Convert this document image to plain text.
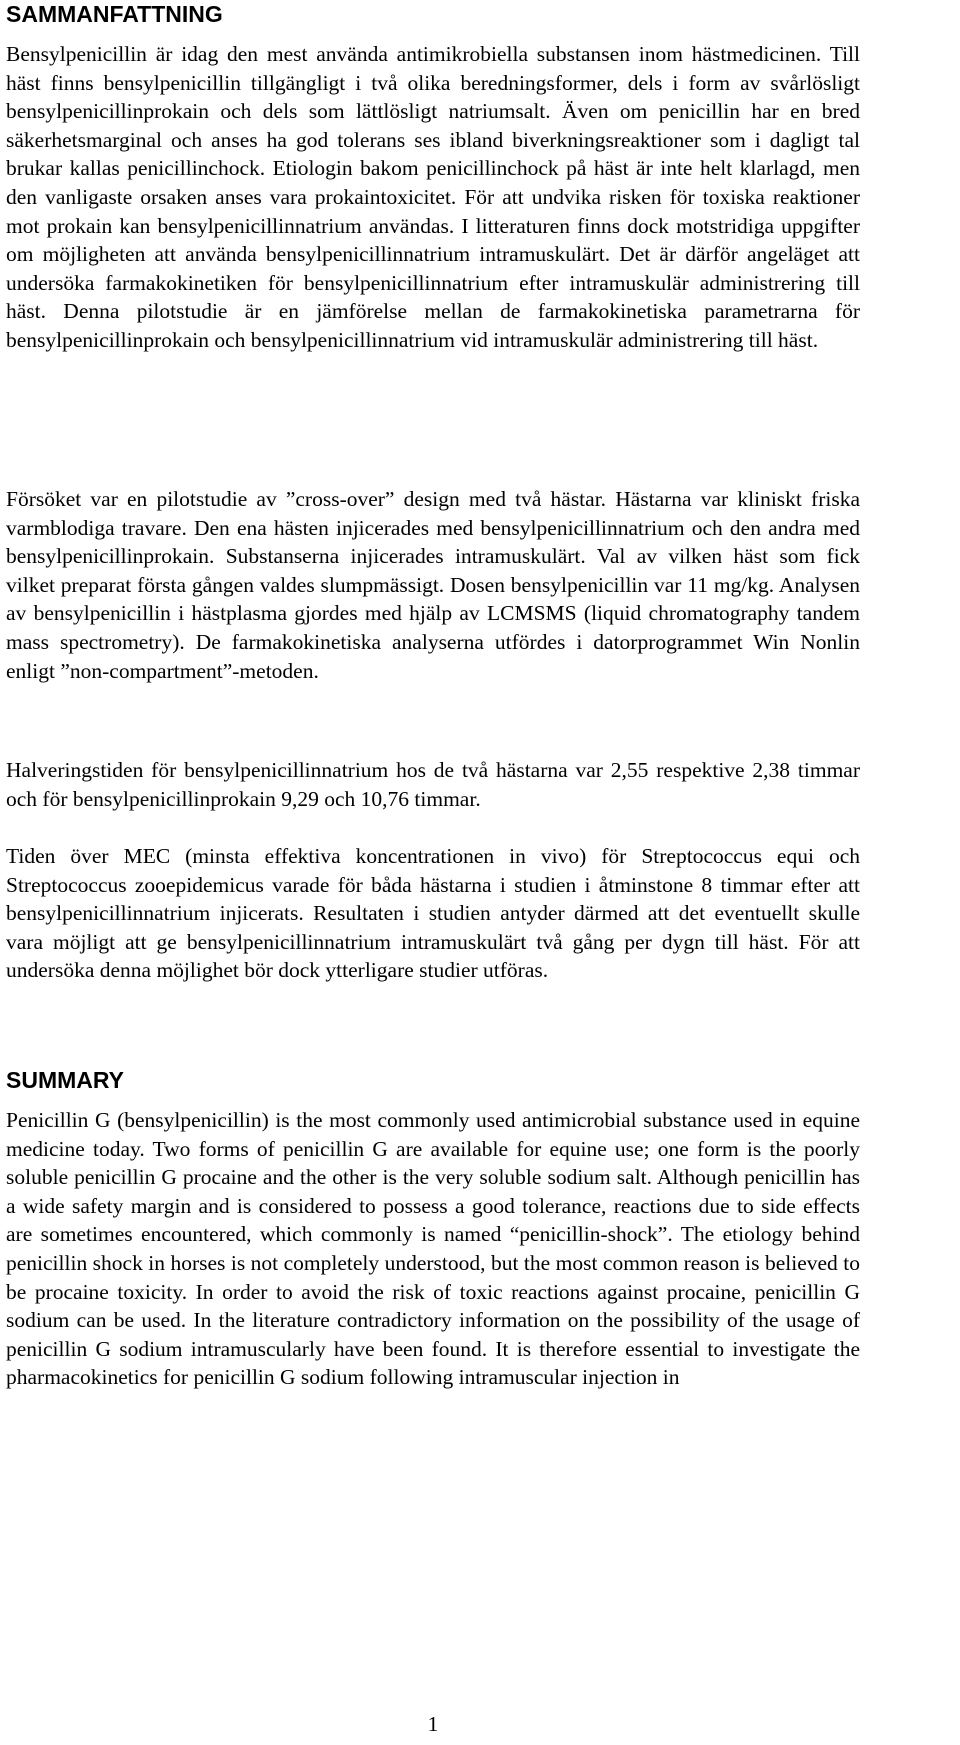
SAMMANFATTNING

Bensylpenicillin är idag den mest använda antimikrobiella substansen inom hästmedicinen. Till häst finns bensylpenicillin tillgängligt i två olika beredningsformer, dels i form av svårlösligt bensylpenicillinprokain och dels som lättlösligt natriumsalt. Även om penicillin har en bred säkerhetsmarginal och anses ha god tolerans ses ibland biverkningsreaktioner som i dagligt tal brukar kallas penicillinchock. Etiologin bakom penicillinchock på häst är inte helt klarlagd, men den vanligaste orsaken anses vara prokaintoxicitet. För att undvika risken för toxiska reaktioner mot prokain kan bensylpenicillinnatrium användas. I litteraturen finns dock motstridiga uppgifter om möjligheten att använda bensylpenicillinnatrium intramuskulärt. Det är därför angeläget att undersöka farmakokinetiken för bensylpenicillinnatrium efter intramuskulär administrering till häst. Denna pilotstudie är en jämförelse mellan de farmakokinetiska parametrarna för bensylpenicillinprokain och bensylpenicillinnatrium vid intramuskulär administrering till häst.

Försöket var en pilotstudie av ”cross-over” design med två hästar. Hästarna var kliniskt friska varmblodiga travare. Den ena hästen injicerades med bensylpenicillinnatrium och den andra med bensylpenicillinprokain. Substanserna injicerades intramuskulärt. Val av vilken häst som fick vilket preparat första gången valdes slumpmässigt. Dosen bensylpenicillin var 11 mg/kg. Analysen av bensylpenicillin i hästplasma gjordes med hjälp av LCMSMS (liquid chromatography tandem mass spectrometry). De farmakokinetiska analyserna utfördes i datorprogrammet Win Nonlin enligt ”non-compartment”-metoden.

Halveringstiden för bensylpenicillinnatrium hos de två hästarna var 2,55 respektive 2,38 timmar och för bensylpenicillinprokain 9,29 och 10,76 timmar.

Tiden över MEC (minsta effektiva koncentrationen in vivo) för Streptococcus equi och Streptococcus zooepidemicus varade för båda hästarna i studien i åtminstone 8 timmar efter att bensylpenicillinnatrium injicerats. Resultaten i studien antyder därmed att det eventuellt skulle vara möjligt att ge bensylpenicillinnatrium intramuskulärt två gång per dygn till häst. För att undersöka denna möjlighet bör dock ytterligare studier utföras.

SUMMARY

Penicillin G (bensylpenicillin) is the most commonly used antimicrobial substance used in equine medicine today. Two forms of penicillin G are available for equine use; one form is the poorly soluble penicillin G procaine and the other is the very soluble sodium salt. Although penicillin has a wide safety margin and is considered to possess a good tolerance, reactions due to side effects are sometimes encountered, which commonly is named “penicillin-shock”. The etiology behind penicillin shock in horses is not completely understood, but the most common reason is believed to be procaine toxicity. In order to avoid the risk of toxic reactions against procaine, penicillin G sodium can be used. In the literature contradictory information on the possibility of the usage of penicillin G sodium intramuscularly have been found. It is therefore essential to investigate the pharmacokinetics for penicillin G sodium following intramuscular injection in

1
